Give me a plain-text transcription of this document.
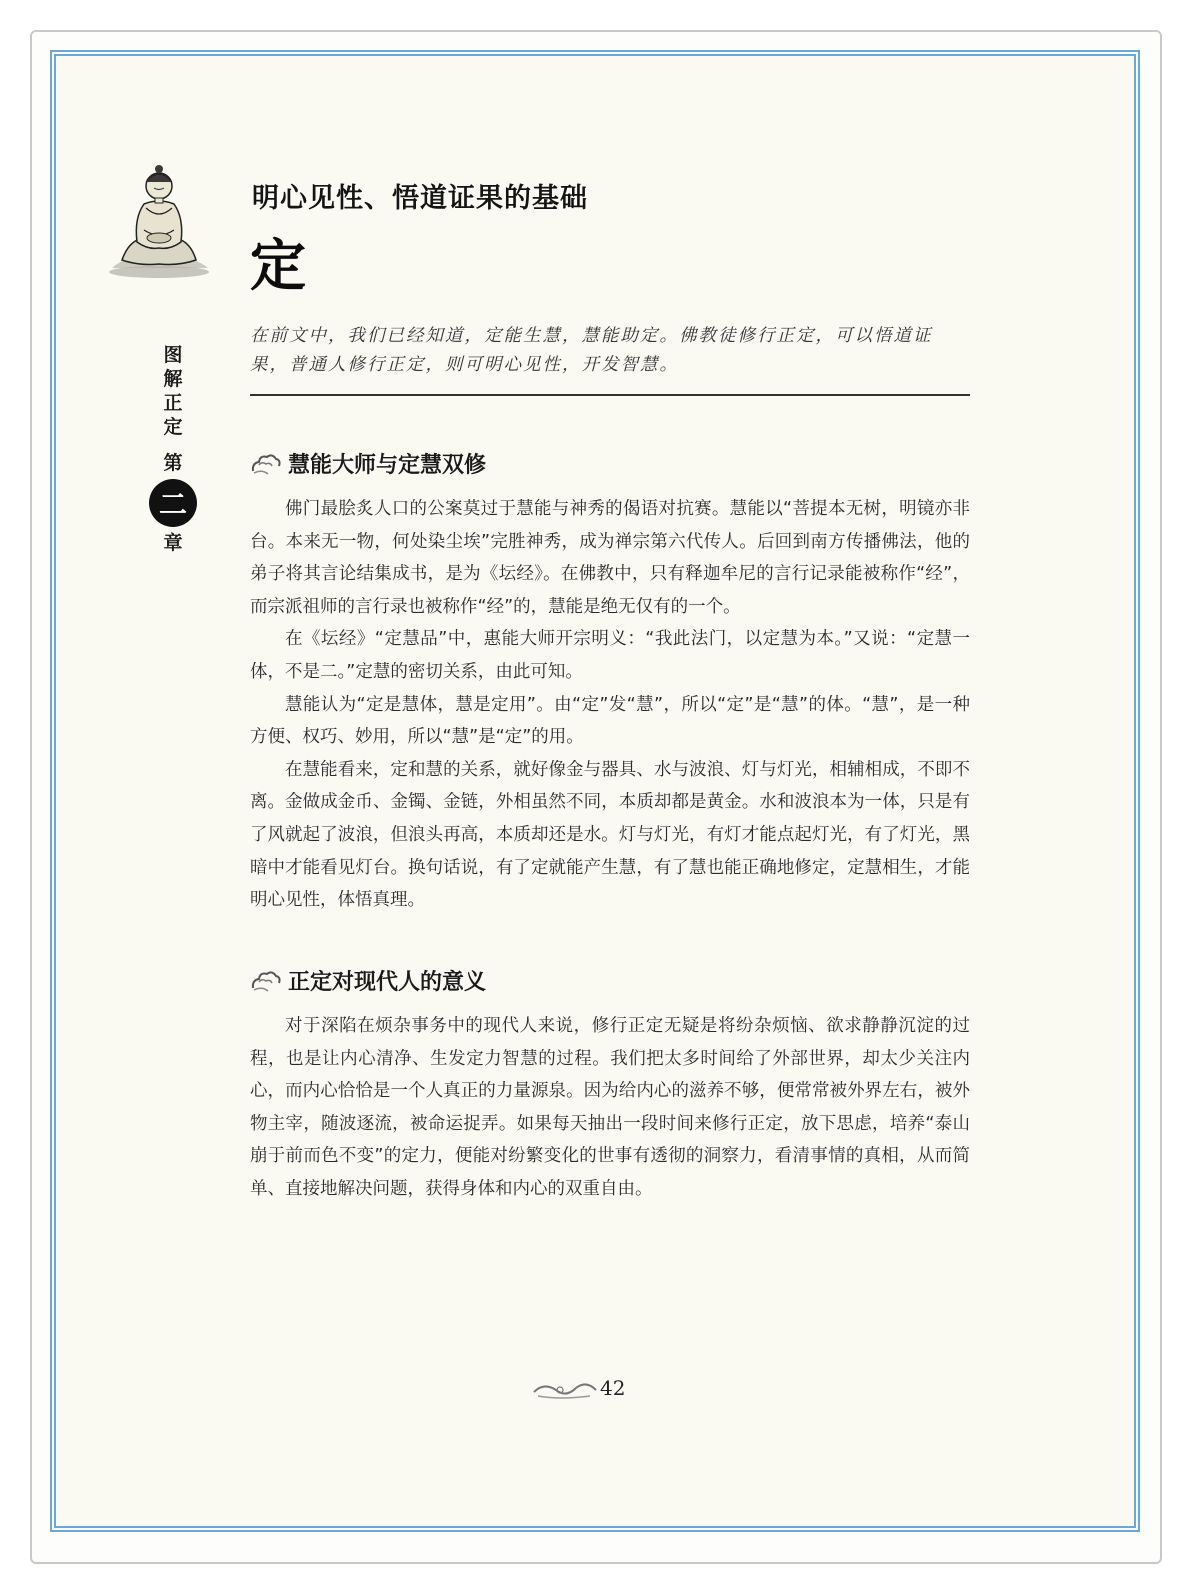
图
解
正
定
第
二
章
明心见性、悟道证果的基础
定
在前文中，我们已经知道，定能生慧，慧能助定。佛教徒修行正定，可以悟道证果，普通人修行正定，则可明心见性，开发智慧。
慧能大师与定慧双修

佛门最脍炙人口的公案莫过于慧能与神秀的偈语对抗赛。慧能以“菩提本无树，明镜亦非台。本来无一物，何处染尘埃”完胜神秀，成为禅宗第六代传人。后回到南方传播佛法，他的弟子将其言论结集成书，是为《坛经》。在佛教中，只有释迦牟尼的言行记录能被称作“经”，而宗派祖师的言行录也被称作“经”的，慧能是绝无仅有的一个。

在《坛经》“定慧品”中，惠能大师开宗明义：“我此法门，以定慧为本。”又说：“定慧一体，不是二。”定慧的密切关系，由此可知。

慧能认为“定是慧体，慧是定用”。由“定”发“慧”，所以“定”是“慧”的体。“慧”，是一种方便、权巧、妙用，所以“慧”是“定”的用。

在慧能看来，定和慧的关系，就好像金与器具、水与波浪、灯与灯光，相辅相成，不即不离。金做成金币、金镯、金链，外相虽然不同，本质却都是黄金。水和波浪本为一体，只是有了风就起了波浪，但浪头再高，本质却还是水。灯与灯光，有灯才能点起灯光，有了灯光，黑暗中才能看见灯台。换句话说，有了定就能产生慧，有了慧也能正确地修定，定慧相生，才能明心见性，体悟真理。

正定对现代人的意义

对于深陷在烦杂事务中的现代人来说，修行正定无疑是将纷杂烦恼、欲求静静沉淀的过程，也是让内心清净、生发定力智慧的过程。我们把太多时间给了外部世界，却太少关注内心，而内心恰恰是一个人真正的力量源泉。因为给内心的滋养不够，便常常被外界左右，被外物主宰，随波逐流，被命运捉弄。如果每天抽出一段时间来修行正定，放下思虑，培养“泰山崩于前而色不变”的定力，便能对纷繁变化的世事有透彻的洞察力，看清事情的真相，从而简单、直接地解决问题，获得身体和内心的双重自由。

42
